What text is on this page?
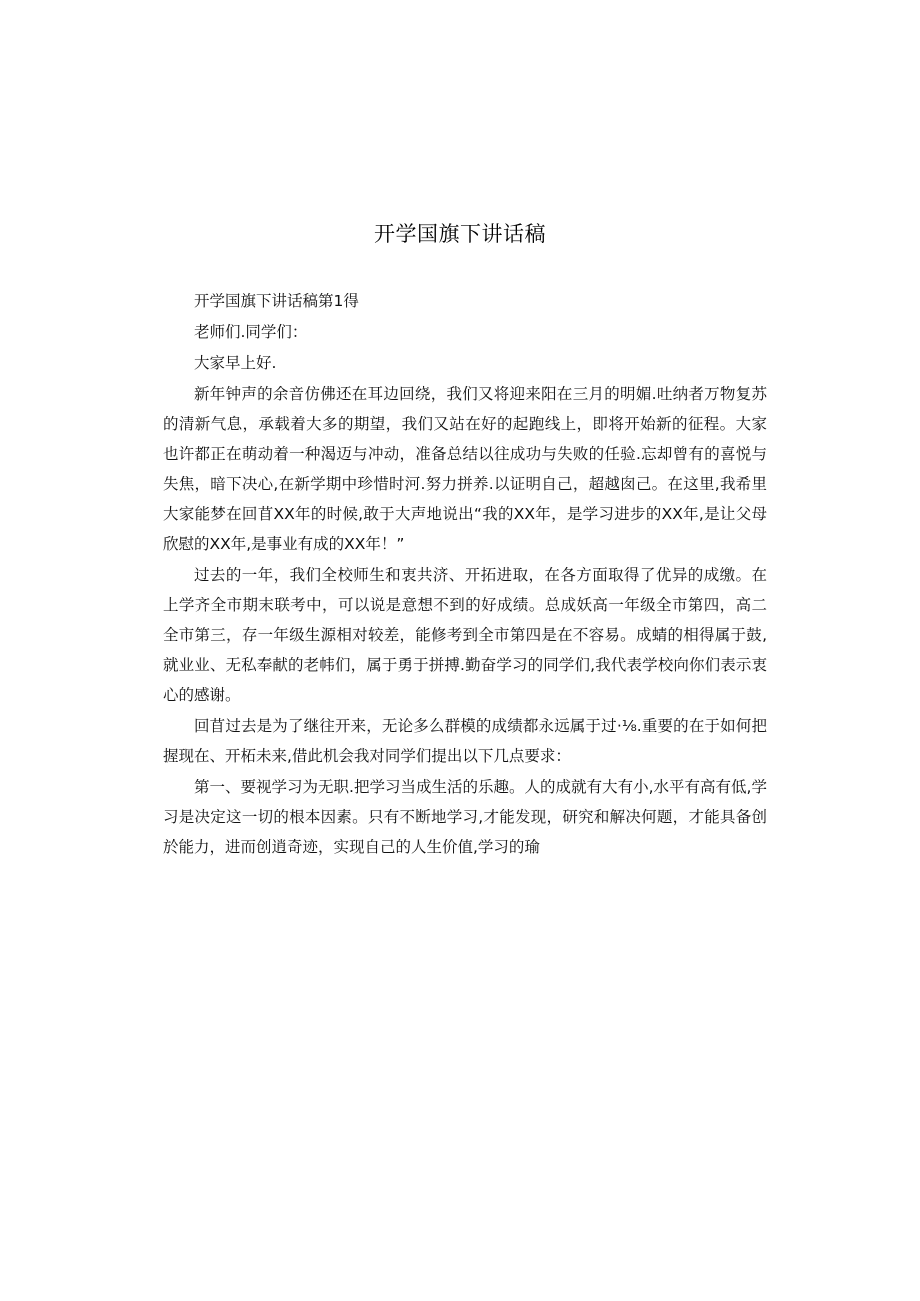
开学国旗下讲话稿

开学国旗下讲话稿第1得

老师们.同学们：

大家早上好.

新年钟声的余音仿佛还在耳边回绕，我们又将迎来阳在三月的明媚.吐纳者万物复苏的清新气息，承载着大多的期望，我们又站在好的起跑线上，即将开始新的征程。大家也许都正在萌动着一种渴迈与冲动，准备总结以往成功与失败的任验.忘却曾有的喜悦与失焦，暗下决心,在新学期中珍惜时河.努力拼养.以证明自己，超越囱己。在这里,我希里大家能梦在回苜XX年的时候,敢于大声地说出“我的XX年，是学习进步的XX年,是让父母欣慰的XX年,是事业有成的XX年！”

过去的一年，我们全校师生和衷共济、开拓进取，在各方面取得了优异的成缴。在上学齐全市期末联考中，可以说是意想不到的好成绩。总成妖高一年级全市第四，高二全市第三，存一年级生源相对较差，能修考到全市第四是在不容易。成蜻的相得属于鼓,就业业、无私奉献的老帏们，属于勇于拼搏.勤奋学习的同学们,我代表学校向你们表示衷心的感谢。

回苜过去是为了继往开来，无论多么群模的成绩都永远属于过·⅛.重要的在于如何把握现在、开柘未来,借此机会我对同学们提出以下几点要求：

第一、要视学习为无职.把学习当成生活的乐趣。人的成就有大有小,水平有高有低,学习是决定这一切的根本因素。只有不断地学习,才能发现，研究和解决何题，才能具备创於能力，进而创逍奇迹，实现自己的人生价值,学习的瑜
